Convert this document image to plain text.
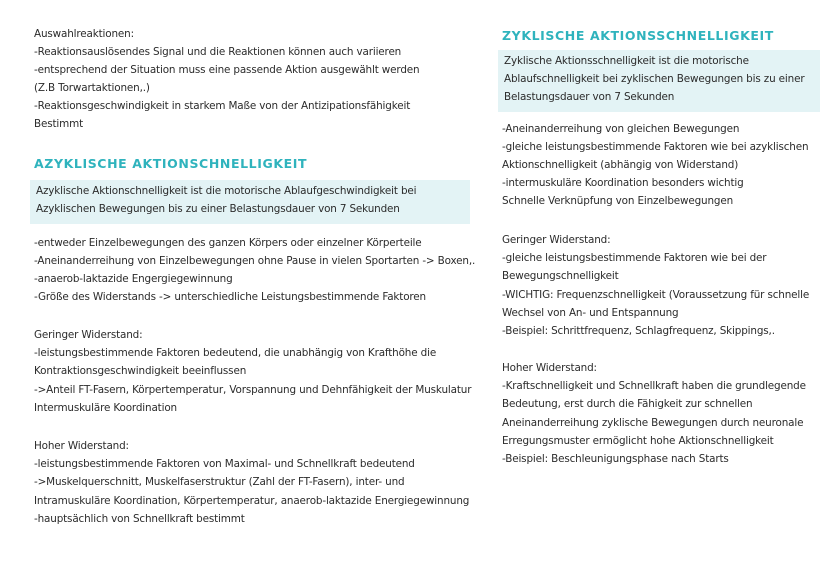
Auswahlreaktionen:
-Reaktionsauslösendes Signal und die Reaktionen können auch variieren
-entsprechend der Situation muss eine passende Aktion ausgewählt werden
(Z.B Torwartaktionen,.)
-Reaktionsgeschwindigkeit in starkem Maße von der Antizipationsfähigkeit
Bestimmt
AZYKLISCHE AKTIONSCHNELLIGKEIT
Azyklische Aktionschnelligkeit ist die motorische Ablaufgeschwindigkeit bei
Azyklischen Bewegungen bis zu einer Belastungsdauer von 7 Sekunden
-entweder Einzelbewegungen des ganzen Körpers oder einzelner Körperteile
-Aneinanderreihung von Einzelbewegungen ohne Pause in vielen Sportarten -> Boxen,.
-anaerob-laktazide Engergiegewinnung
-Größe des Widerstands -> unterschiedliche Leistungsbestimmende Faktoren
Geringer Widerstand:
-leistungsbestimmende Faktoren bedeutend, die unabhängig von Krafthöhe die
Kontraktionsgeschwindigkeit beeinflussen
->Anteil FT-Fasern, Körpertemperatur, Vorspannung und Dehnfähigkeit der Muskulatur
Intermuskuläre Koordination
Hoher Widerstand:
-leistungsbestimmende Faktoren von Maximal- und Schnellkraft bedeutend
->Muskelquerschnitt, Muskelfaserstruktur (Zahl der FT-Fasern), inter- und
Intramuskuläre Koordination, Körpertemperatur, anaerob-laktazide Energiegewinnung
-hauptsächlich von Schnellkraft bestimmt
ZYKLISCHE AKTIONSSCHNELLIGKEIT
Zyklische Aktionsschnelligkeit ist die motorische
Ablaufschnelligkeit bei zyklischen Bewegungen bis zu einer
Belastungsdauer von 7 Sekunden
-Aneinanderreihung von gleichen Bewegungen
-gleiche leistungsbestimmende Faktoren wie bei azyklischen
Aktionschnelligkeit (abhängig von Widerstand)
-intermuskuläre Koordination besonders wichtig
Schnelle Verknüpfung von Einzelbewegungen
Geringer Widerstand:
-gleiche leistungsbestimmende Faktoren wie bei der
Bewegungschnelligkeit
-WICHTIG: Frequenzschnelligkeit (Voraussetzung für schnelle
Wechsel von An- und Entspannung
-Beispiel: Schrittfrequenz, Schlagfrequenz, Skippings,.
Hoher Widerstand:
-Kraftschnelligkeit und Schnellkraft haben die grundlegende
Bedeutung, erst durch die Fähigkeit zur schnellen
Aneinanderreihung zyklische Bewegungen durch neuronale
Erregungsmuster ermöglicht hohe Aktionschnelligkeit
-Beispiel: Beschleunigungsphase nach Starts
